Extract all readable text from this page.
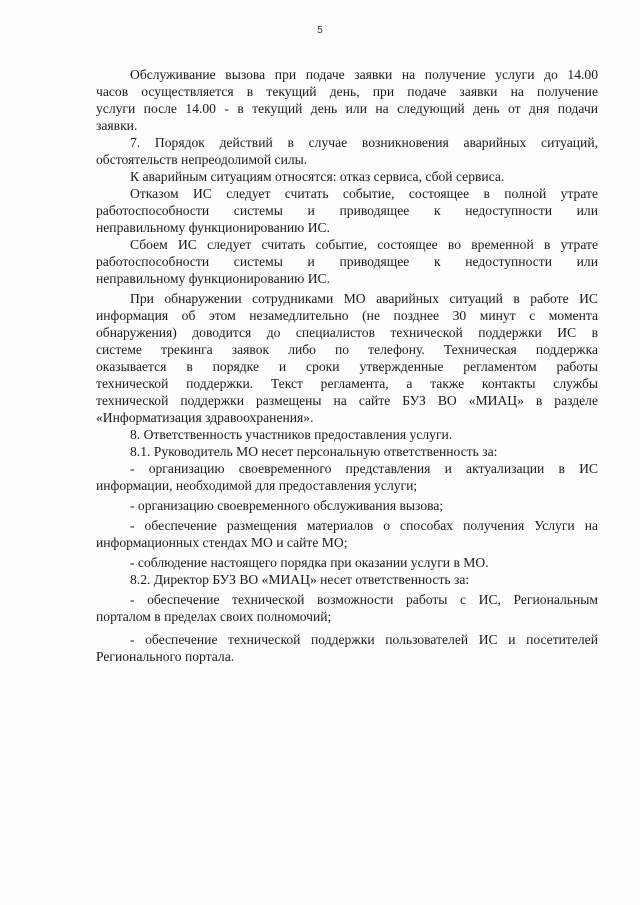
5
Обслуживание вызова при подаче заявки на получение услуги до 14.00
часов осуществляется в текущий день, при подаче заявки на получение
услуги после 14.00 - в текущий день или на следующий день от дня подачи
заявки.
7. Порядок действий в случае возникновения аварийных ситуаций,
обстоятельств непреодолимой силы.
К аварийным ситуациям относятся: отказ сервиса, сбой сервиса.
Отказом ИС следует считать событие, состоящее в полной утрате
работоспособности системы и приводящее к недоступности или
неправильному функционированию ИС.
Сбоем ИС следует считать событие, состоящее во временной в утрате
работоспособности системы и приводящее к недоступности или
неправильному функционированию ИС.
При обнаружении сотрудниками МО аварийных ситуаций в работе ИС
информация об этом незамедлительно (не позднее 30 минут с момента
обнаружения) доводится до специалистов технической поддержки ИС в
системе трекинга заявок либо по телефону. Техническая поддержка
оказывается в порядке и сроки утвержденные регламентом работы
технической поддержки. Текст регламента, а также контакты службы
технической поддержки размещены на сайте БУЗ ВО «МИАЦ» в разделе
«Информатизация здравоохранения».
8. Ответственность участников предоставления услуги.
8.1. Руководитель МО несет персональную ответственность за:
- организацию своевременного представления и актуализации в ИС
информации, необходимой для предоставления услуги;
- организацию своевременного обслуживания вызова;
- обеспечение размещения материалов о способах получения Услуги на
информационных стендах МО и сайте МО;
- соблюдение настоящего порядка при оказании услуги в МО.
8.2. Директор БУЗ ВО «МИАЦ» несет ответственность за:
- обеспечение технической возможности работы с ИС, Региональным
порталом в пределах своих полномочий;
- обеспечение технической поддержки пользователей ИС и посетителей
Регионального портала.
